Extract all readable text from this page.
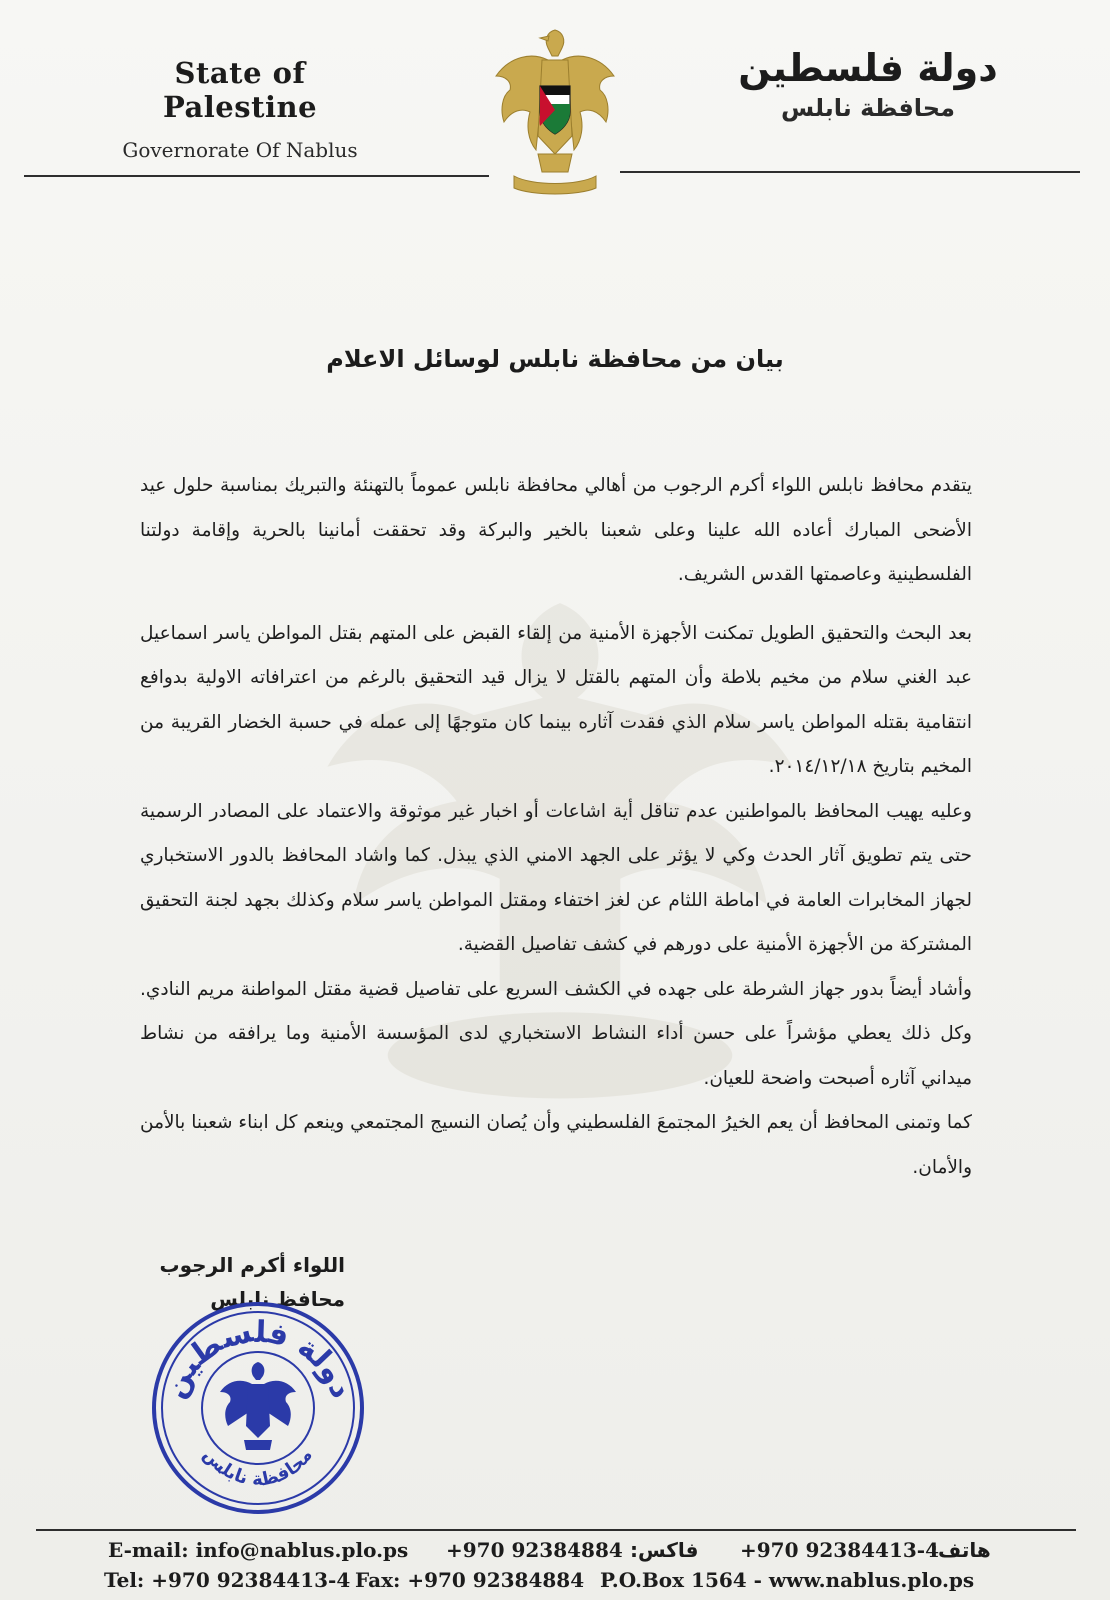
State of Palestine
Governorate Of Nablus
دولة فلسطين
محافظة نابلس
بيان من محافظة نابلس لوسائل الاعلام

يتقدم محافظ نابلس اللواء أكرم الرجوب من أهالي محافظة نابلس عموماً بالتهنئة والتبريك بمناسبة حلول عيد الأضحى المبارك أعاده الله علينا وعلى شعبنا بالخير والبركة وقد تحققت أمانينا بالحرية وإقامة دولتنا الفلسطينية وعاصمتها القدس الشريف.

بعد البحث والتحقيق الطويل تمكنت الأجهزة الأمنية من إلقاء القبض على المتهم بقتل المواطن ياسر اسماعيل عبد الغني سلام من مخيم بلاطة وأن المتهم بالقتل لا يزال قيد التحقيق بالرغم من اعترافاته الاولية بدوافع انتقامية بقتله المواطن ياسر سلام الذي فقدت آثاره بينما كان متوجهًا إلى عمله في حسبة الخضار القريبة من المخيم بتاريخ ٢٠١٤/١٢/١٨.

وعليه يهيب المحافظ بالمواطنين عدم تناقل أية اشاعات أو اخبار غير موثوقة والاعتماد على المصادر الرسمية حتى يتم تطويق آثار الحدث وكي لا يؤثر على الجهد الامني الذي يبذل. كما واشاد المحافظ بالدور الاستخباري لجهاز المخابرات العامة في اماطة اللثام عن لغز اختفاء ومقتل المواطن ياسر سلام وكذلك بجهد لجنة التحقيق المشتركة من الأجهزة الأمنية على دورهم في كشف تفاصيل القضية.

وأشاد أيضاً بدور جهاز الشرطة على جهده في الكشف السريع على تفاصيل قضية مقتل المواطنة مريم النادي. وكل ذلك يعطي مؤشراً على حسن أداء النشاط الاستخباري لدى المؤسسة الأمنية وما يرافقه من نشاط ميداني آثاره أصبحت واضحة للعيان.

كما وتمنى المحافظ أن يعم الخيرُ المجتمعَ الفلسطيني وأن يُصان النسيج المجتمعي وينعم كل ابناء شعبنا بالأمن والأمان.

اللواء أكرم الرجوب
محافظ نابلس
دولة فلسطين
محافظة نابلس
E-mail: info@nablus.plo.ps +970 92384884 فاكس: +970 92384413-4
هاتف:
Tel: +970 92384413-4 Fax: +970 92384884 P.O.Box 1564 - www.nablus.plo.ps
